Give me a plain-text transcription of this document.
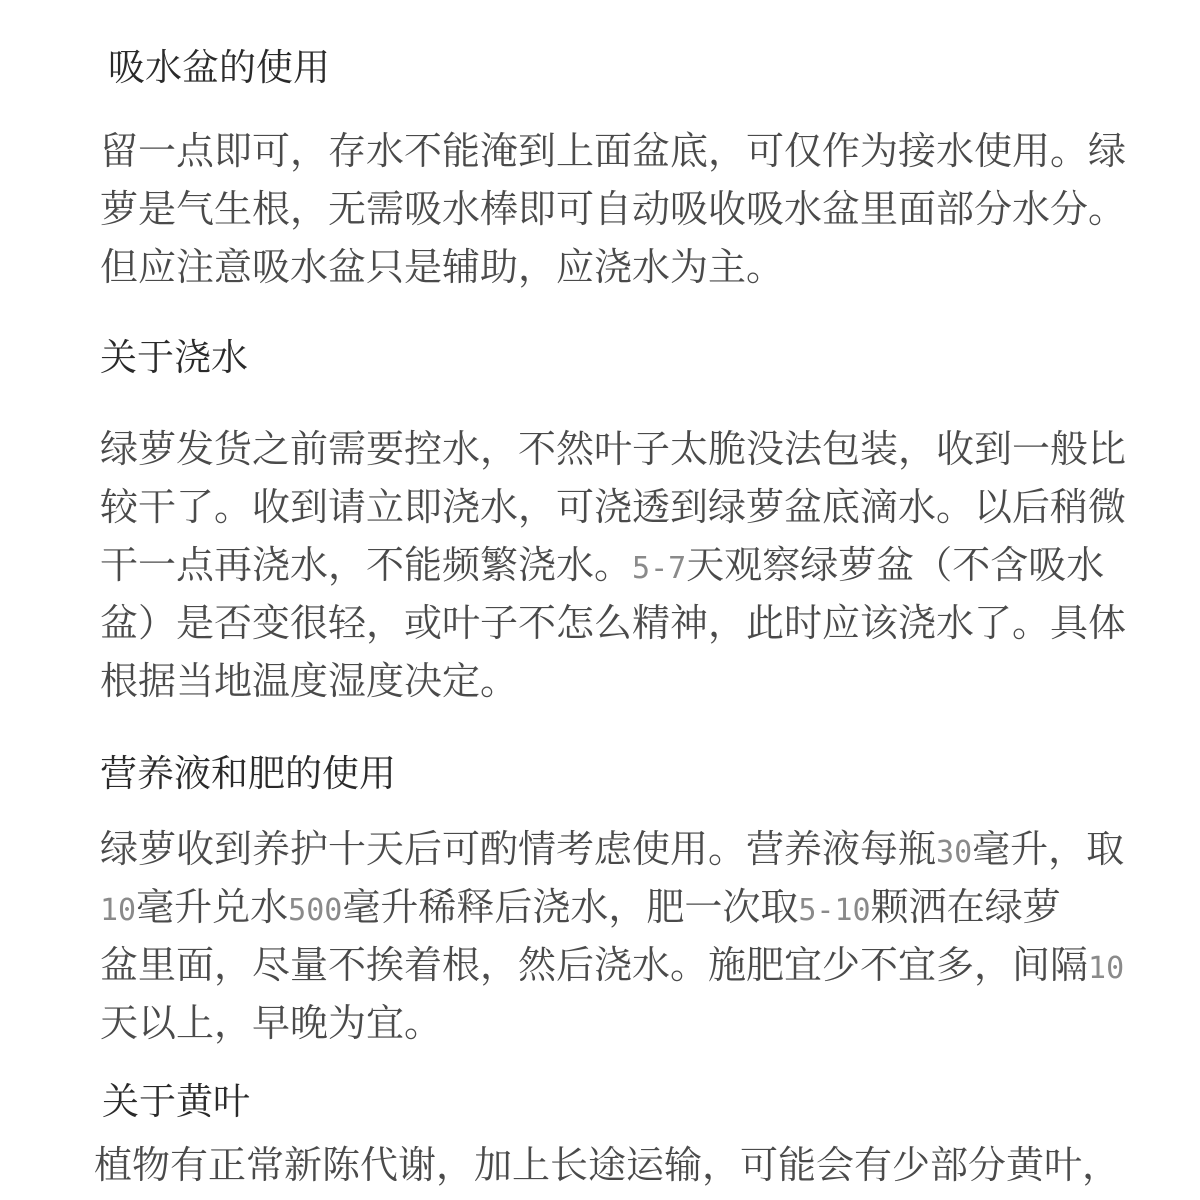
吸水盆的使用
留一点即可，存水不能淹到上面盆底，可仅作为接水使用。绿
萝是气生根，无需吸水棒即可自动吸收吸水盆里面部分水分。
但应注意吸水盆只是辅助，应浇水为主。
关于浇水
绿萝发货之前需要控水，不然叶子太脆没法包装，收到一般比
较干了。收到请立即浇水，可浇透到绿萝盆底滴水。以后稍微
干一点再浇水，不能频繁浇水。5-7天观察绿萝盆（不含吸水
盆）是否变很轻，或叶子不怎么精神，此时应该浇水了。具体
根据当地温度湿度决定。
营养液和肥的使用
绿萝收到养护十天后可酌情考虑使用。营养液每瓶30毫升，取
10毫升兑水500毫升稀释后浇水，肥一次取5-10颗洒在绿萝
盆里面，尽量不挨着根，然后浇水。施肥宜少不宜多，间隔10
天以上，早晚为宜。
关于黄叶
植物有正常新陈代谢，加上长途运输，可能会有少部分黄叶，
